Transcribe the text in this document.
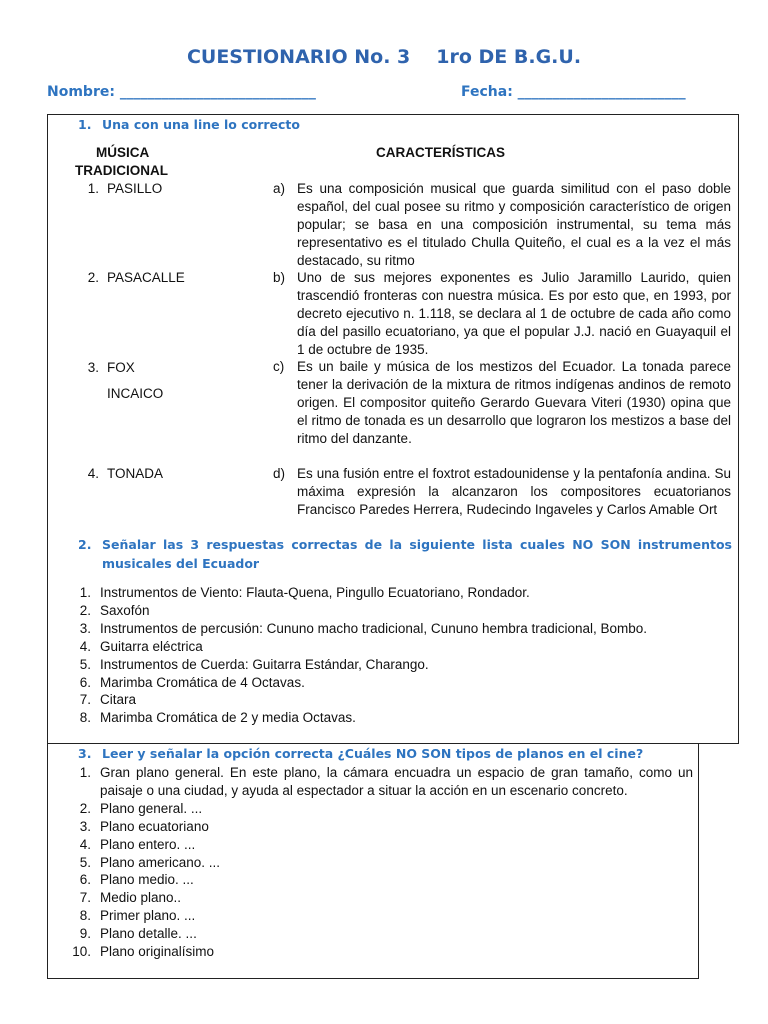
CUESTIONARIO No. 3 1ro DE B.G.U.
Nombre: ____________________________	Fecha: ________________________
1. Una con una line lo correcto
MÚSICA
TRADICIONAL
CARACTERÍSTICAS
1. PASILLO
2. PASACALLE
3. FOX
INCAICO
4. TONADA
a) Es una composición musical que guarda similitud con el paso doble español, del cual posee su ritmo y composición característico de origen popular; se basa en una composición instrumental, su tema más representativo es el titulado Chulla Quiteño, el cual es a la vez el más destacado, su ritmo
b) Uno de sus mejores exponentes es Julio Jaramillo Laurido, quien trascendió fronteras con nuestra música. Es por esto que, en 1993, por decreto ejecutivo n. 1.118, se declara al 1 de octubre de cada año como día del pasillo ecuatoriano, ya que el popular J.J. nació en Guayaquil el 1 de octubre de 1935.
c) Es un baile y música de los mestizos del Ecuador. La tonada parece tener la derivación de la mixtura de ritmos indígenas andinos de remoto origen. El compositor quiteño Gerardo Guevara Viteri (1930) opina que el ritmo de tonada es un desarrollo que lograron los mestizos a base del ritmo del danzante.
d) Es una fusión entre el foxtrot estadounidense y la pentafonía andina. Su máxima expresión la alcanzaron los compositores ecuatorianos Francisco Paredes Herrera, Rudecindo Ingaveles y Carlos Amable Ort
2. Señalar las 3 respuestas correctas de la siguiente lista cuales NO SON instrumentos
musicales del Ecuador
1. Instrumentos de Viento: Flauta-Quena, Pingullo Ecuatoriano, Rondador.
2. Saxofón
3. Instrumentos de percusión: Cununo macho tradicional, Cununo hembra tradicional, Bombo.
4. Guitarra eléctrica
5. Instrumentos de Cuerda: Guitarra Estándar, Charango.
6. Marimba Cromática de 4 Octavas.
7. Citara
8. Marimba Cromática de 2 y media Octavas.
3. Leer y señalar la opción correcta ¿Cuáles NO SON tipos de planos en el cine?
1. Gran plano general. En este plano, la cámara encuadra un espacio de gran tamaño, como un paisaje o una ciudad, y ayuda al espectador a situar la acción en un escenario concreto.
2. Plano general. ...
3. Plano ecuatoriano
4. Plano entero. ...
5. Plano americano. ...
6. Plano medio. ...
7. Medio plano..
8. Primer plano. ...
9. Plano detalle. ...
10. Plano originalísimo
